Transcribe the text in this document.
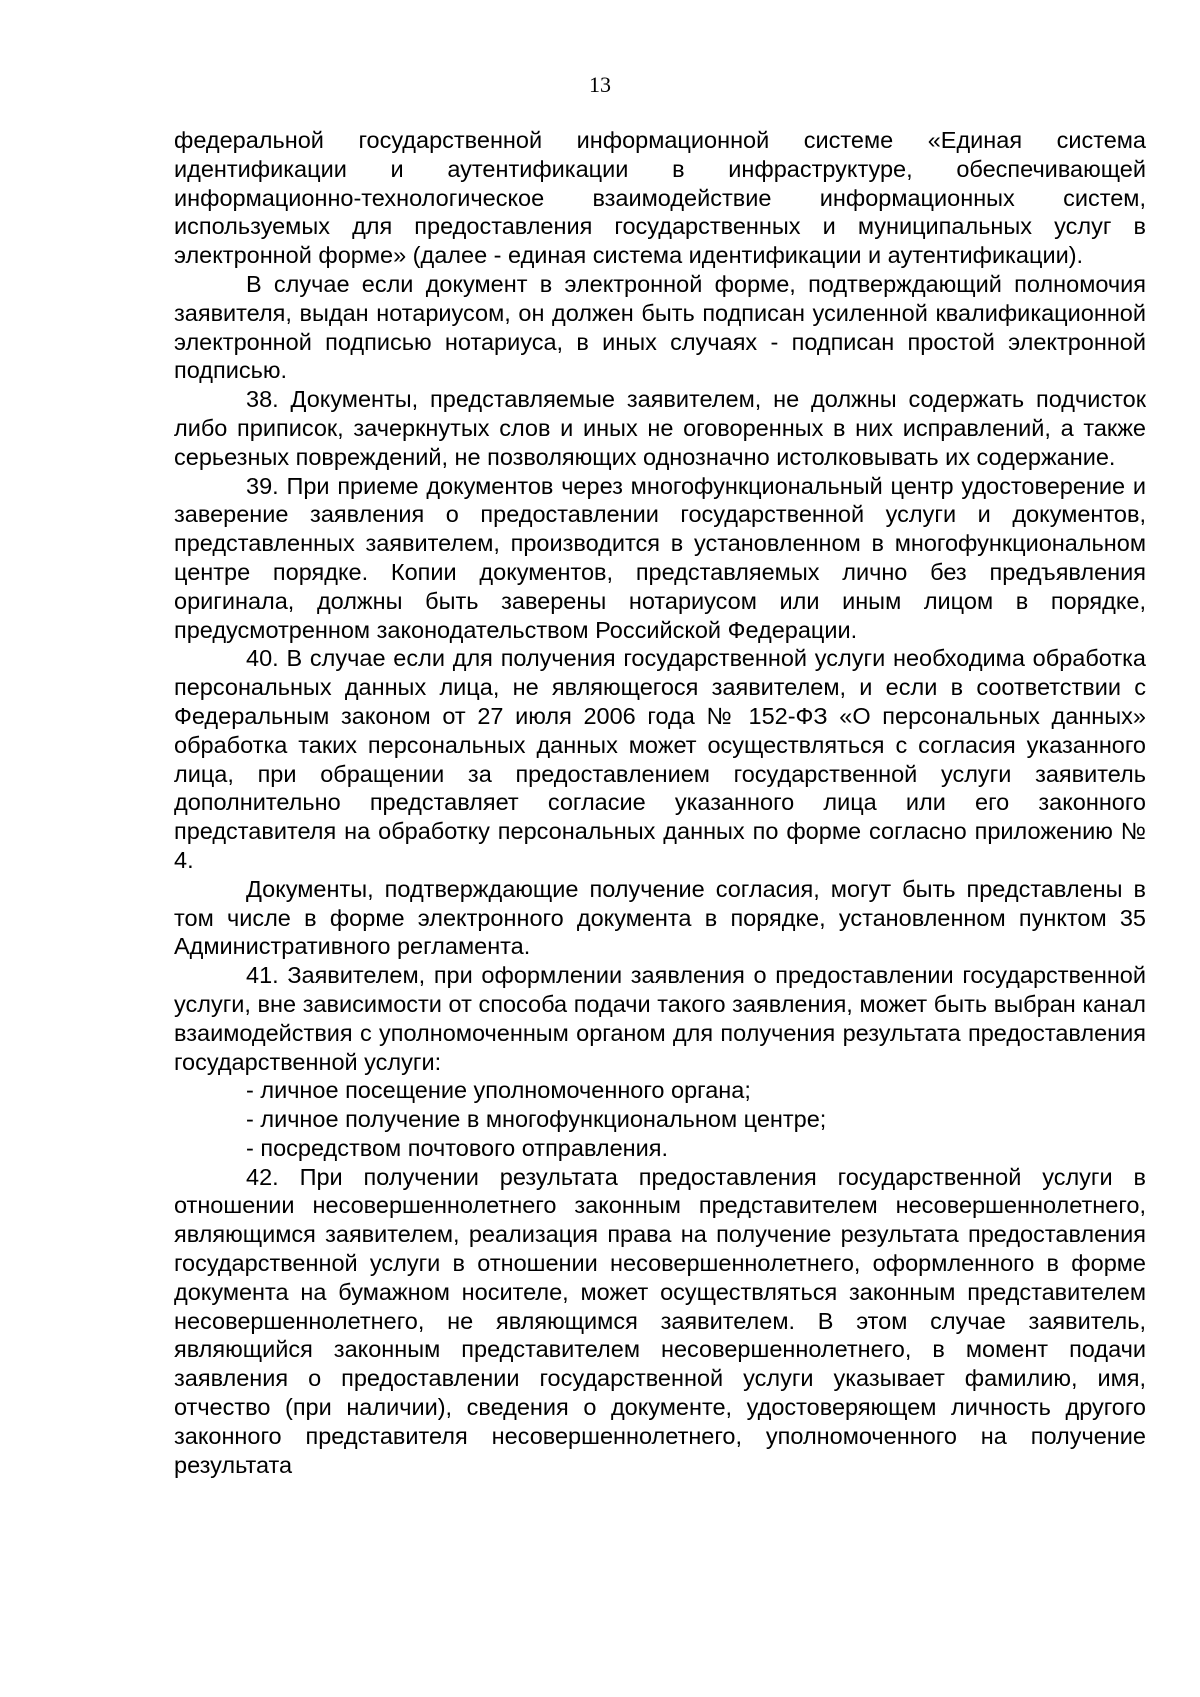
13

федеральной государственной информационной системе «Единая система идентификации и аутентификации в инфраструктуре, обеспечивающей информационно-технологическое взаимодействие информационных систем, используемых для предоставления государственных и муниципальных услуг в электронной форме» (далее - единая система идентификации и аутентификации).

В случае если документ в электронной форме, подтверждающий полномочия заявителя, выдан нотариусом, он должен быть подписан усиленной квалификационной электронной подписью нотариуса, в иных случаях - подписан простой электронной подписью.

38. Документы, представляемые заявителем, не должны содержать подчисток либо приписок, зачеркнутых слов и иных не оговоренных в них исправлений, а также серьезных повреждений, не позволяющих однозначно истолковывать их содержание.

39. При приеме документов через многофункциональный центр удостоверение и заверение заявления о предоставлении государственной услуги и документов, представленных заявителем, производится в установленном в многофункциональном центре порядке. Копии документов, представляемых лично без предъявления оригинала, должны быть заверены нотариусом или иным лицом в порядке, предусмотренном законодательством Российской Федерации.

40. В случае если для получения государственной услуги необходима обработка персональных данных лица, не являющегося заявителем, и если в соответствии с Федеральным законом от 27 июля 2006 года № 152-ФЗ «О персональных данных» обработка таких персональных данных может осуществляться с согласия указанного лица, при обращении за предоставлением государственной услуги заявитель дополнительно представляет согласие указанного лица или его законного представителя на обработку персональных данных по форме согласно приложению № 4.

Документы, подтверждающие получение согласия, могут быть представлены в том числе в форме электронного документа в порядке, установленном пунктом 35 Административного регламента.

41. Заявителем, при оформлении заявления о предоставлении государственной услуги, вне зависимости от способа подачи такого заявления, может быть выбран канал взаимодействия с уполномоченным органом для получения результата предоставления государственной услуги:

- личное посещение уполномоченного органа;

- личное получение в многофункциональном центре;

- посредством почтового отправления.

42. При получении результата предоставления государственной услуги в отношении несовершеннолетнего законным представителем несовершеннолетнего, являющимся заявителем, реализация права на получение результата предоставления государственной услуги в отношении несовершеннолетнего, оформленного в форме документа на бумажном носителе, может осуществляться законным представителем несовершеннолетнего, не являющимся заявителем. В этом случае заявитель, являющийся законным представителем несовершеннолетнего, в момент подачи заявления о предоставлении государственной услуги указывает фамилию, имя, отчество (при наличии), сведения о документе, удостоверяющем личность другого законного представителя несовершеннолетнего, уполномоченного на получение результата
